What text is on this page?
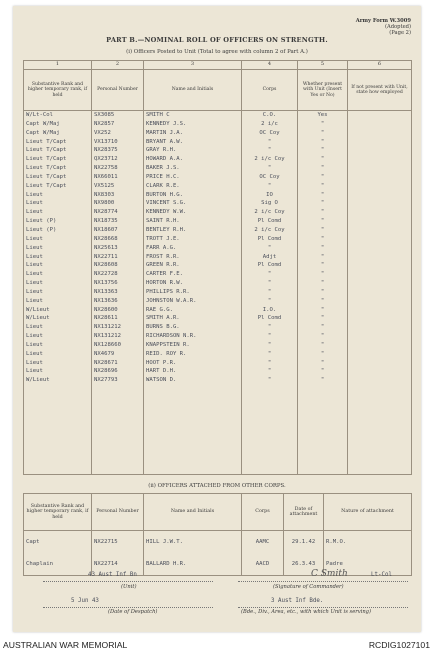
Army Form W.3009
(Adopted)
(Page 2)
PART B.—NOMINAL ROLL OF OFFICERS ON STRENGTH.
(i) Officers Posted to Unit (Total to agree with column 2 of Part A.)
1	2	3	4	5	6
Substantive Rank and higher temporary rank, if held	Personal Number	Name and Initials	Corps	Whether present with Unit (Insert Yes or No)	If not present with Unit, state how employed
W/Lt-Col	SX3085	SMITH C	C.O.	Yes	
Capt W/Maj	NX2857	KENNEDY J.S.	2 i/c	"	
Capt W/Maj	VX252	MARTIN J.A.	OC Coy	"	
Lieut T/Capt	VX13710	BRYANT A.W.	"	"	
Lieut T/Capt	NX28375	GRAY R.H.	"	"	
Lieut T/Capt	QX23712	HOWARD A.A.	2 i/c Coy	"	
Lieut T/Capt	NX22758	BAKER J.S.	"	"	
Lieut T/Capt	NX66011	PRICE H.C.	OC Coy	"	
Lieut T/Capt	VX5125	CLARK R.E.	"	"	
Lieut	NX8303	BURTON H.G.	IO	"	
Lieut	NX9800	VINCENT S.G.	Sig O	"	
Lieut	NX28774	KENNEDY W.W.	2 i/c Coy	"	
Lieut (P)	NX18735	SAINT R.H.	Pl Comd	"	
Lieut (P)	NX18607	BENTLEY R.H.	2 i/c Coy	"	
Lieut	NX28668	TROTT J.E.	Pl Comd	"	
Lieut	NX25613	FARR A.G.	"	"	
Lieut	NX22711	FROST R.R.	Adjt	"	
Lieut	NX28608	GREEN R.R.	Pl Comd	"	
Lieut	NX22728	CARTER F.E.	"	"	
Lieut	NX13756	HORTON R.W.	"	"	
Lieut	NX13363	PHILLIPS R.R.	"	"	
Lieut	NX13636	JOHNSTON W.A.R.	"	"	
W/Lieut	NX28600	RAE G.G.	I.O.	"	
W/Lieut	NX28611	SMITH A.R.	Pl Comd	"	
Lieut	NX131212	BURNS B.G.	"	"	
Lieut	NX131212	RICHARDSON N.R.	"	"	
Lieut	NX128660	KNAPPSTEIN R.	"	"	
Lieut	NX4679	REID. ROY R.	"	"	
Lieut	NX28671	HOOT P.R.	"	"	
Lieut	NX28696	HART D.H.	"	"	
W/Lieut	NX27793	WATSON D.	"	"	

(ii) OFFICERS ATTACHED FROM OTHER CORPS.
Substantive Rank and higher temporary rank, if held	Personal Number	Name and Initials	Corps	Date of attachment	Nature of attachment
Capt	NX22715	HILL J.W.T.	AAMC	29.1.42	R.M.O.
Chaplain	NX22714	BALLARD H.R.	AACD	26.3.43	Padre
43 Aust Inf Bn
(Unit)
C Smith	Lt-Col
(Signature of Commander)
5 Jun 43
(Date of Despatch)
3 Aust Inf Bde.
(Bde., Div., Area, etc., with which Unit is serving)
AUSTRALIAN WAR MEMORIAL	RCDIG1027101
